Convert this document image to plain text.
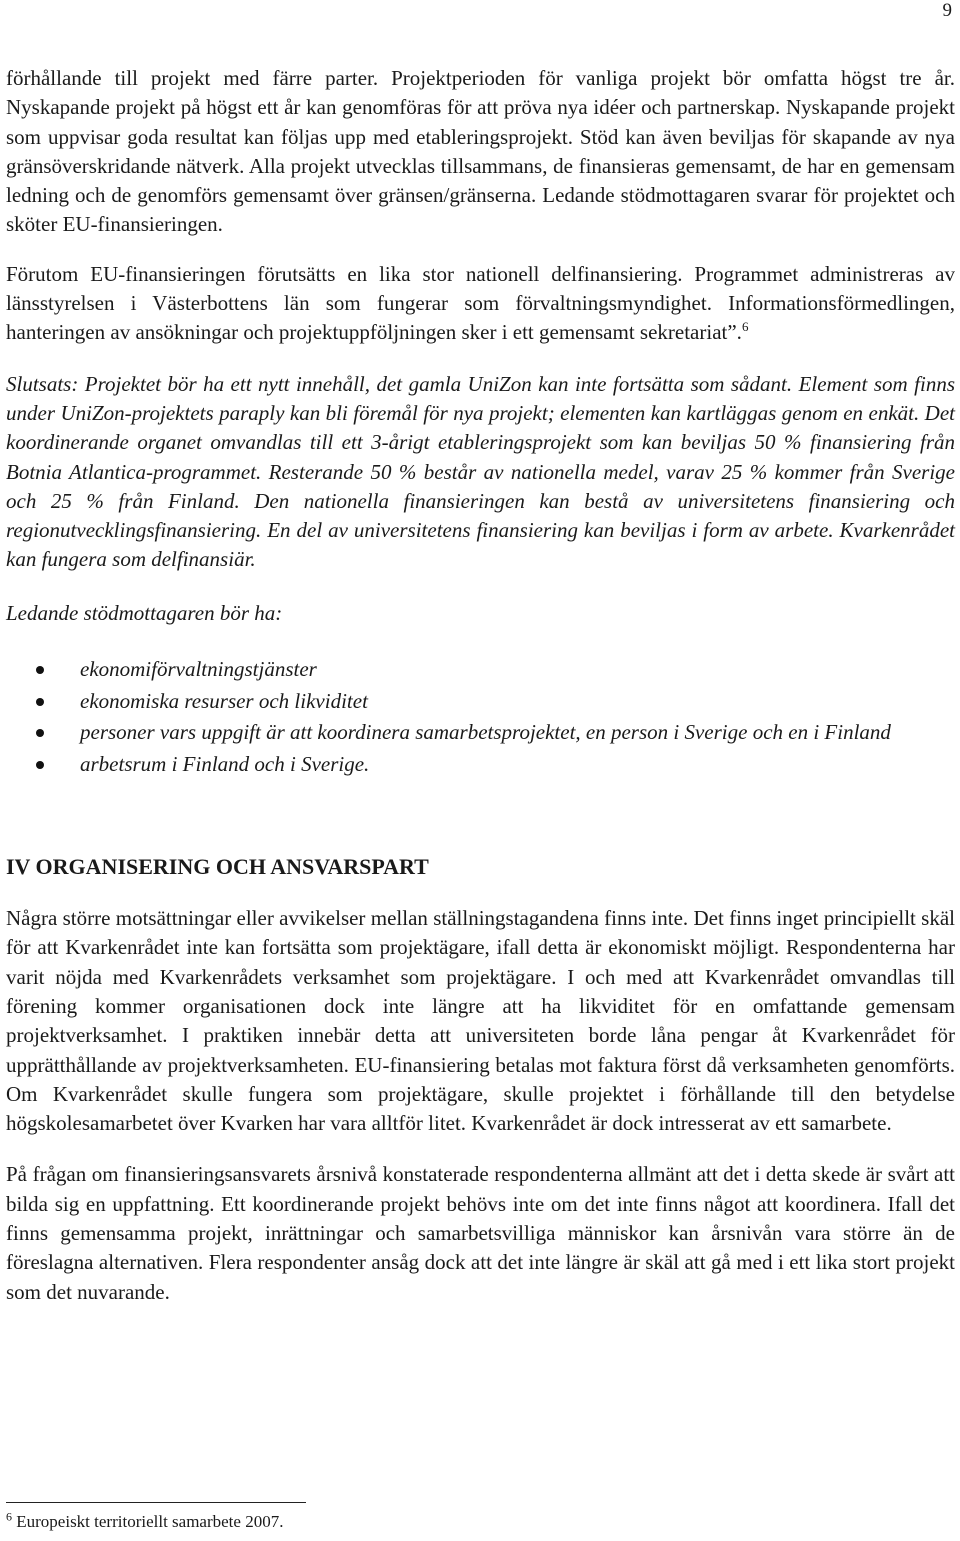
9

förhållande till projekt med färre parter. Projektperioden för vanliga projekt bör omfatta högst tre år. Nyskapande projekt på högst ett år kan genomföras för att pröva nya idéer och partnerskap. Nyskapande projekt som uppvisar goda resultat kan följas upp med etableringsprojekt. Stöd kan även beviljas för skapande av nya gränsöverskridande nätverk. Alla projekt utvecklas tillsammans, de finansieras gemensamt, de har en gemensam ledning och de genomförs gemensamt över gränsen/gränserna. Ledande stödmottagaren svarar för projektet och sköter EU-finansieringen.

Förutom EU-finansieringen förutsätts en lika stor nationell delfinansiering. Programmet administreras av länsstyrelsen i Västerbottens län som fungerar som förvaltningsmyndighet. Informationsförmedlingen, hanteringen av ansökningar och projektuppföljningen sker i ett gemensamt sekretariat”.$^6$

Slutsats: Projektet bör ha ett nytt innehåll, det gamla UniZon kan inte fortsätta som sådant. Element som finns under UniZon-projektets paraply kan bli föremål för nya projekt; elementen kan kartläggas genom en enkät. Det koordinerande organet omvandlas till ett 3-årigt etableringsprojekt som kan beviljas 50 % finansiering från Botnia Atlantica-programmet. Resterande 50 % består av nationella medel, varav 25 % kommer från Sverige och 25 % från Finland. Den nationella finansieringen kan bestå av universitetens finansiering och regionutvecklingsfinansiering. En del av universitetens finansiering kan beviljas i form av arbete. Kvarkenrådet kan fungera som delfinansiär.

Ledande stödmottagaren bör ha:

ekonomiförvaltningstjänster
ekonomiska resurser och likviditet
personer vars uppgift är att koordinera samarbetsprojektet, en person i Sverige och en i Finland
arbetsrum i Finland och i Sverige.
IV ORGANISERING OCH ANSVARSPART

Några större motsättningar eller avvikelser mellan ställningstagandena finns inte. Det finns inget principiellt skäl för att Kvarkenrådet inte kan fortsätta som projektägare, ifall detta är ekonomiskt möjligt. Respondenterna har varit nöjda med Kvarkenrådets verksamhet som projektägare. I och med att Kvarkenrådet omvandlas till förening kommer organisationen dock inte längre att ha likviditet för en omfattande gemensam projektverksamhet. I praktiken innebär detta att universiteten borde låna pengar åt Kvarkenrådet för upprätthållande av projektverksamheten. EU-finansiering betalas mot faktura först då verksamheten genomförts. Om Kvarkenrådet skulle fungera som projektägare, skulle projektet i förhållande till den betydelse högskolesamarbetet över Kvarken har vara alltför litet. Kvarkenrådet är dock intresserat av ett samarbete.

På frågan om finansieringsansvarets årsnivå konstaterade respondenterna allmänt att det i detta skede är svårt att bilda sig en uppfattning. Ett koordinerande projekt behövs inte om det inte finns något att koordinera. Ifall det finns gemensamma projekt, inrättningar och samarbetsvilliga människor kan årsnivån vara större än de föreslagna alternativen. Flera respondenter ansåg dock att det inte längre är skäl att gå med i ett lika stort projekt som det nuvarande.

$^6$ Europeiskt territoriellt samarbete 2007.
